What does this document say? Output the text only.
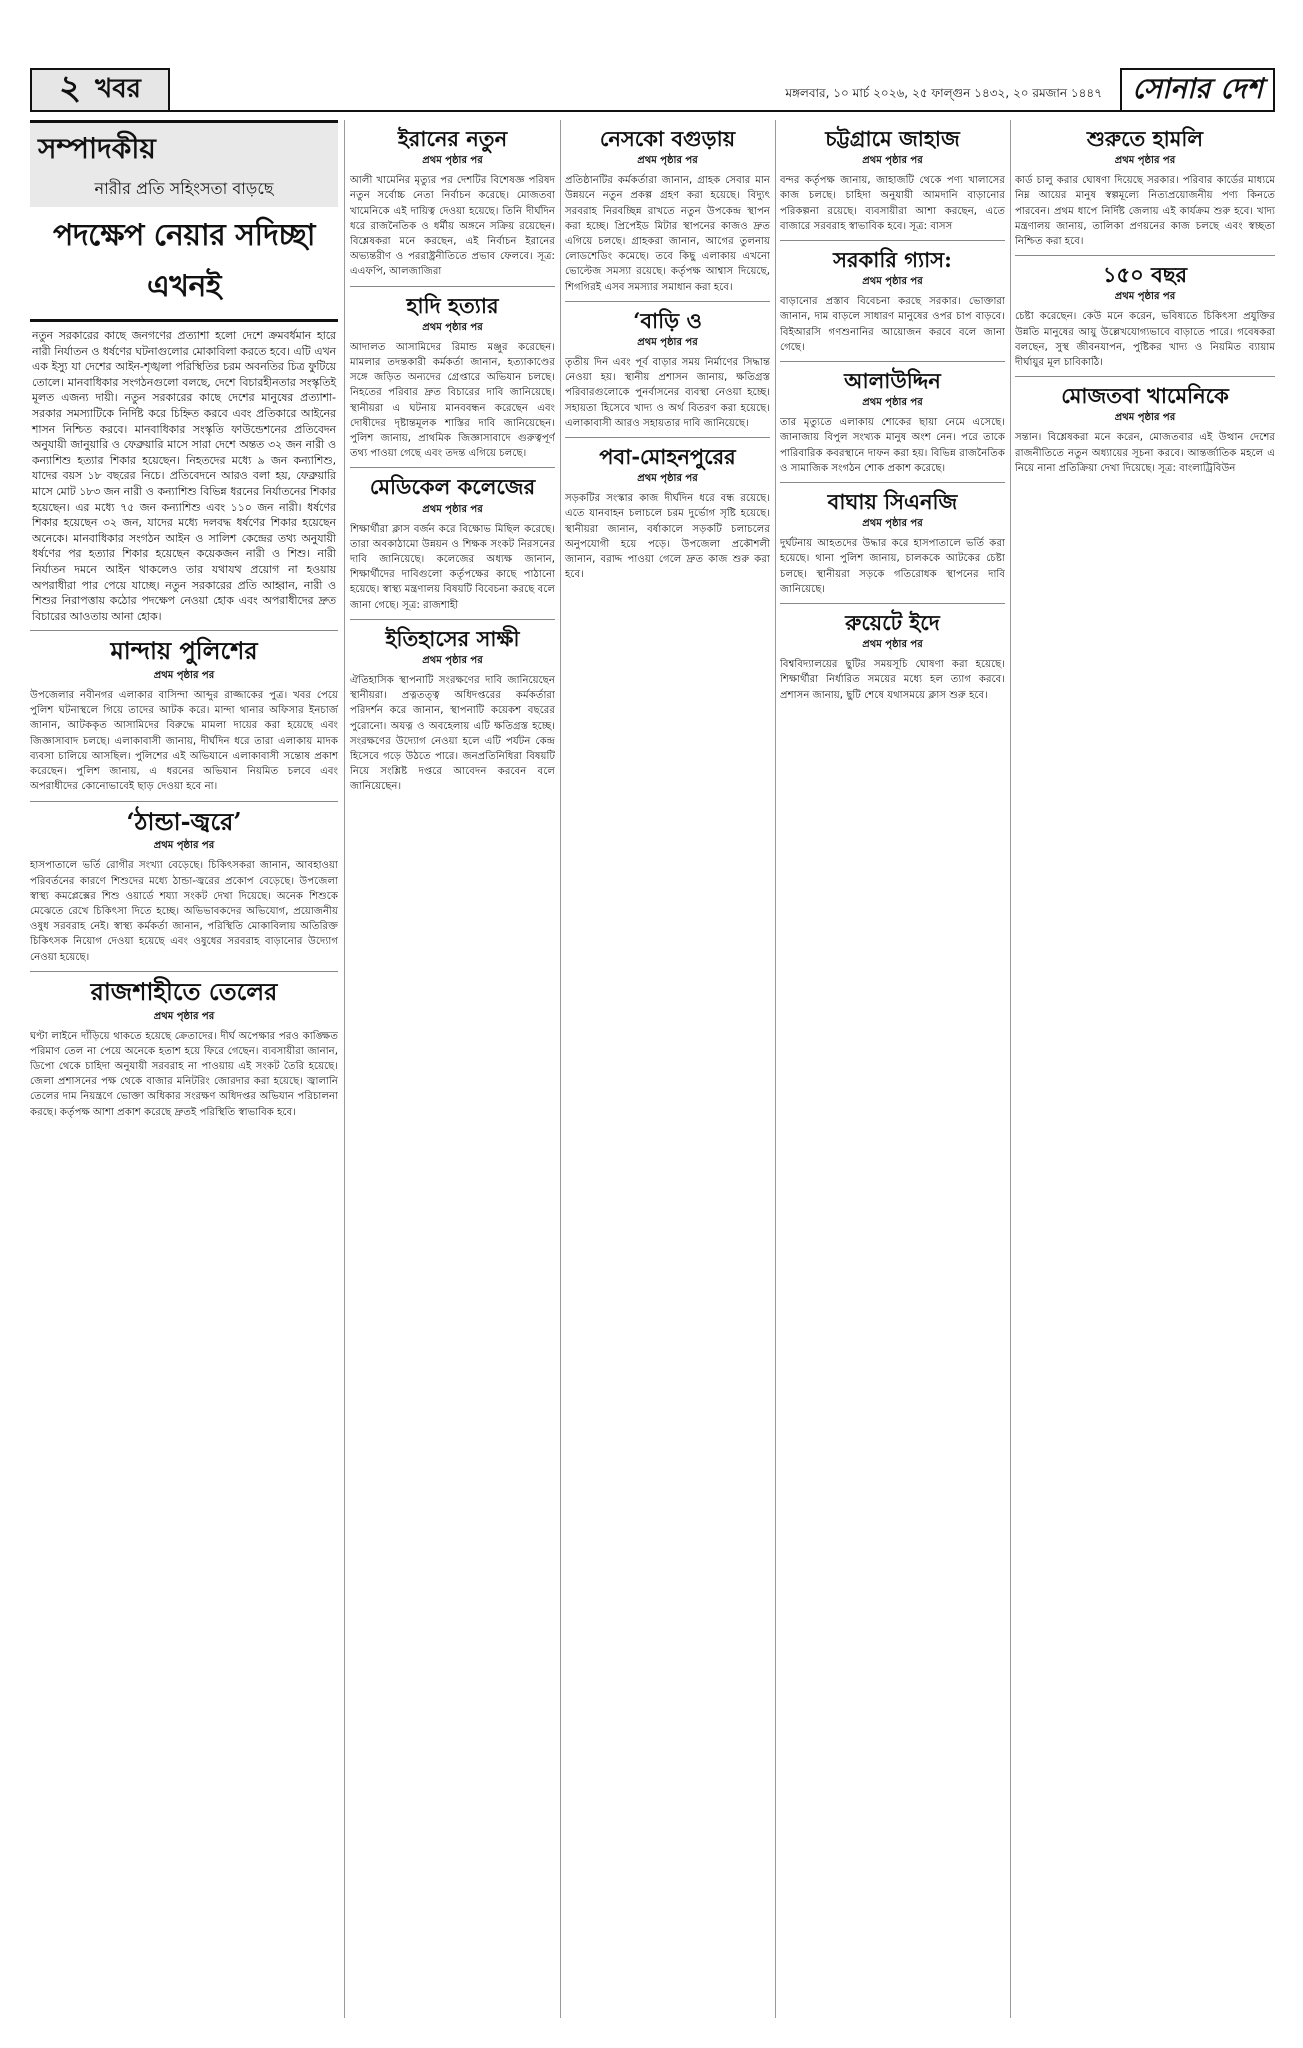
২ খবর	মঙ্গলবার, ১০ মার্চ ২০২৬, ২৫ ফাল্গুন ১৪৩২, ২০ রমজান ১৪৪৭	সোনার দেশ
সম্পাদকীয়
নারীর প্রতি সহিংসতা বাড়ছে
পদক্ষেপ নেয়ার সদিচ্ছা এখনই

নতুন সরকারের কাছে জনগণের প্রত্যাশা হলো দেশে ক্রমবর্ধমান হারে নারী নির্যাতন ও ধর্ষণের ঘটনাগুলোর মোকাবিলা করতে হবে। এটি এখন এক ইস্যু যা দেশের আইন-শৃঙ্খলা পরিস্থিতির চরম অবনতির চিত্র ফুটিয়ে তোলে। মানবাধিকার সংগঠনগুলো বলছে, দেশে বিচারহীনতার সংস্কৃতিই মূলত এজন্য দায়ী। নতুন সরকারের কাছে দেশের মানুষের প্রত্যাশা- সরকার সমস্যাটিকে নির্দিষ্ট করে চিহ্নিত করবে এবং প্রতিকারে আইনের শাসন নিশ্চিত করবে। মানবাধিকার সংস্কৃতি ফাউন্ডেশনের প্রতিবেদন অনুযায়ী জানুয়ারি ও ফেব্রুয়ারি মাসে সারা দেশে অন্তত ৩২ জন নারী ও কন্যাশিশু হত্যার শিকার হয়েছেন। নিহতদের মধ্যে ৯ জন কন্যাশিশু, যাদের বয়স ১৮ বছরের নিচে। প্রতিবেদনে আরও বলা হয়, ফেব্রুয়ারি মাসে মোট ১৮৩ জন নারী ও কন্যাশিশু বিভিন্ন ধরনের নির্যাতনের শিকার হয়েছেন। এর মধ্যে ৭৫ জন কন্যাশিশু এবং ১১০ জন নারী। ধর্ষণের শিকার হয়েছেন ৩২ জন, যাদের মধ্যে দলবদ্ধ ধর্ষণের শিকার হয়েছেন অনেকে। মানবাধিকার সংগঠন আইন ও সালিশ কেন্দ্রের তথ্য অনুযায়ী ধর্ষণের পর হত্যার শিকার হয়েছেন কয়েকজন নারী ও শিশু। নারী নির্যাতন দমনে আইন থাকলেও তার যথাযথ প্রয়োগ না হওয়ায় অপরাধীরা পার পেয়ে যাচ্ছে। নতুন সরকারের প্রতি আহ্বান, নারী ও শিশুর নিরাপত্তায় কঠোর পদক্ষেপ নেওয়া হোক এবং অপরাধীদের দ্রুত বিচারের আওতায় আনা হোক।

মান্দায় পুলিশের
প্রথম পৃষ্ঠার পর

উপজেলার নবীনগর এলাকার বাসিন্দা আব্দুর রাজ্জাকের পুত্র। খবর পেয়ে পুলিশ ঘটনাস্থলে গিয়ে তাদের আটক করে। মান্দা থানার অফিসার ইনচার্জ জানান, আটককৃত আসামিদের বিরুদ্ধে মামলা দায়ের করা হয়েছে এবং জিজ্ঞাসাবাদ চলছে। এলাকাবাসী জানায়, দীর্ঘদিন ধরে তারা এলাকায় মাদক ব্যবসা চালিয়ে আসছিল। পুলিশের এই অভিযানে এলাকাবাসী সন্তোষ প্রকাশ করেছেন। পুলিশ জানায়, এ ধরনের অভিযান নিয়মিত চলবে এবং অপরাধীদের কোনোভাবেই ছাড় দেওয়া হবে না।

‘ঠান্ডা-জ্বরে’
প্রথম পৃষ্ঠার পর

হাসপাতালে ভর্তি রোগীর সংখ্যা বেড়েছে। চিকিৎসকরা জানান, আবহাওয়া পরিবর্তনের কারণে শিশুদের মধ্যে ঠান্ডা-জ্বরের প্রকোপ বেড়েছে। উপজেলা স্বাস্থ্য কমপ্লেক্সের শিশু ওয়ার্ডে শয্যা সংকট দেখা দিয়েছে। অনেক শিশুকে মেঝেতে রেখে চিকিৎসা দিতে হচ্ছে। অভিভাবকদের অভিযোগ, প্রয়োজনীয় ওষুধ সরবরাহ নেই। স্বাস্থ্য কর্মকর্তা জানান, পরিস্থিতি মোকাবিলায় অতিরিক্ত চিকিৎসক নিয়োগ দেওয়া হয়েছে এবং ওষুধের সরবরাহ বাড়ানোর উদ্যোগ নেওয়া হয়েছে।

রাজশাহীতে তেলের
প্রথম পৃষ্ঠার পর

ঘণ্টা লাইনে দাঁড়িয়ে থাকতে হয়েছে ক্রেতাদের। দীর্ঘ অপেক্ষার পরও কাঙ্ক্ষিত পরিমাণ তেল না পেয়ে অনেকে হতাশ হয়ে ফিরে গেছেন। ব্যবসায়ীরা জানান, ডিপো থেকে চাহিদা অনুযায়ী সরবরাহ না পাওয়ায় এই সংকট তৈরি হয়েছে। জেলা প্রশাসনের পক্ষ থেকে বাজার মনিটরিং জোরদার করা হয়েছে। জ্বালানি তেলের দাম নিয়ন্ত্রণে ভোক্তা অধিকার সংরক্ষণ অধিদপ্তর অভিযান পরিচালনা করছে। কর্তৃপক্ষ আশা প্রকাশ করেছে দ্রুতই পরিস্থিতি স্বাভাবিক হবে।

ইরানের নতুন
প্রথম পৃষ্ঠার পর

আলী খামেনির মৃত্যুর পর দেশটির বিশেষজ্ঞ পরিষদ নতুন সর্বোচ্চ নেতা নির্বাচন করেছে। মোজতবা খামেনিকে এই দায়িত্ব দেওয়া হয়েছে। তিনি দীর্ঘদিন ধরে রাজনৈতিক ও ধর্মীয় অঙ্গনে সক্রিয় রয়েছেন। বিশ্লেষকরা মনে করছেন, এই নির্বাচন ইরানের অভ্যন্তরীণ ও পররাষ্ট্রনীতিতে প্রভাব ফেলবে। সূত্র: এএফপি, আলজাজিরা

হাদি হত্যার
প্রথম পৃষ্ঠার পর

আদালত আসামিদের রিমান্ড মঞ্জুর করেছেন। মামলার তদন্তকারী কর্মকর্তা জানান, হত্যাকাণ্ডের সঙ্গে জড়িত অন্যদের গ্রেপ্তারে অভিযান চলছে। নিহতের পরিবার দ্রুত বিচারের দাবি জানিয়েছে। স্থানীয়রা এ ঘটনায় মানববন্ধন করেছেন এবং দোষীদের দৃষ্টান্তমূলক শাস্তির দাবি জানিয়েছেন। পুলিশ জানায়, প্রাথমিক জিজ্ঞাসাবাদে গুরুত্বপূর্ণ তথ্য পাওয়া গেছে এবং তদন্ত এগিয়ে চলছে।

মেডিকেল কলেজের
প্রথম পৃষ্ঠার পর

শিক্ষার্থীরা ক্লাস বর্জন করে বিক্ষোভ মিছিল করেছে। তারা অবকাঠামো উন্নয়ন ও শিক্ষক সংকট নিরসনের দাবি জানিয়েছে। কলেজের অধ্যক্ষ জানান, শিক্ষার্থীদের দাবিগুলো কর্তৃপক্ষের কাছে পাঠানো হয়েছে। স্বাস্থ্য মন্ত্রণালয় বিষয়টি বিবেচনা করছে বলে জানা গেছে। সূত্র: রাজশাহী

ইতিহাসের সাক্ষী
প্রথম পৃষ্ঠার পর

ঐতিহাসিক স্থাপনাটি সংরক্ষণের দাবি জানিয়েছেন স্থানীয়রা। প্রত্নতত্ত্ব অধিদপ্তরের কর্মকর্তারা পরিদর্শন করে জানান, স্থাপনাটি কয়েকশ বছরের পুরোনো। অযত্ন ও অবহেলায় এটি ক্ষতিগ্রস্ত হচ্ছে। সংরক্ষণের উদ্যোগ নেওয়া হলে এটি পর্যটন কেন্দ্র হিসেবে গড়ে উঠতে পারে। জনপ্রতিনিধিরা বিষয়টি নিয়ে সংশ্লিষ্ট দপ্তরে আবেদন করবেন বলে জানিয়েছেন।

নেসকো বগুড়ায়
প্রথম পৃষ্ঠার পর

প্রতিষ্ঠানটির কর্মকর্তারা জানান, গ্রাহক সেবার মান উন্নয়নে নতুন প্রকল্প গ্রহণ করা হয়েছে। বিদ্যুৎ সরবরাহ নিরবচ্ছিন্ন রাখতে নতুন উপকেন্দ্র স্থাপন করা হচ্ছে। প্রিপেইড মিটার স্থাপনের কাজও দ্রুত এগিয়ে চলছে। গ্রাহকরা জানান, আগের তুলনায় লোডশেডিং কমেছে। তবে কিছু এলাকায় এখনো ভোল্টেজ সমস্যা রয়েছে। কর্তৃপক্ষ আশ্বাস দিয়েছে, শিগগিরই এসব সমস্যার সমাধান করা হবে।

‘বাড়ি ও
প্রথম পৃষ্ঠার পর

তৃতীয় দিন এবং পূর্ব বাড়ার সময় নির্মাণের সিদ্ধান্ত নেওয়া হয়। স্থানীয় প্রশাসন জানায়, ক্ষতিগ্রস্ত পরিবারগুলোকে পুনর্বাসনের ব্যবস্থা নেওয়া হচ্ছে। সহায়তা হিসেবে খাদ্য ও অর্থ বিতরণ করা হয়েছে। এলাকাবাসী আরও সহায়তার দাবি জানিয়েছে।

পবা-মোহনপুরের
প্রথম পৃষ্ঠার পর

সড়কটির সংস্কার কাজ দীর্ঘদিন ধরে বন্ধ রয়েছে। এতে যানবাহন চলাচলে চরম দুর্ভোগ সৃষ্টি হয়েছে। স্থানীয়রা জানান, বর্ষাকালে সড়কটি চলাচলের অনুপযোগী হয়ে পড়ে। উপজেলা প্রকৌশলী জানান, বরাদ্দ পাওয়া গেলে দ্রুত কাজ শুরু করা হবে।

চট্টগ্রামে জাহাজ
প্রথম পৃষ্ঠার পর

বন্দর কর্তৃপক্ষ জানায়, জাহাজটি থেকে পণ্য খালাসের কাজ চলছে। চাহিদা অনুযায়ী আমদানি বাড়ানোর পরিকল্পনা রয়েছে। ব্যবসায়ীরা আশা করছেন, এতে বাজারে সরবরাহ স্বাভাবিক হবে। সূত্র: বাসস

সরকারি গ্যাস:
প্রথম পৃষ্ঠার পর

বাড়ানোর প্রস্তাব বিবেচনা করছে সরকার। ভোক্তারা জানান, দাম বাড়লে সাধারণ মানুষের ওপর চাপ বাড়বে। বিইআরসি গণশুনানির আয়োজন করবে বলে জানা গেছে।

আলাউদ্দিন
প্রথম পৃষ্ঠার পর

তার মৃত্যুতে এলাকায় শোকের ছায়া নেমে এসেছে। জানাজায় বিপুল সংখ্যক মানুষ অংশ নেন। পরে তাকে পারিবারিক কবরস্থানে দাফন করা হয়। বিভিন্ন রাজনৈতিক ও সামাজিক সংগঠন শোক প্রকাশ করেছে।

বাঘায় সিএনজি
প্রথম পৃষ্ঠার পর

দুর্ঘটনায় আহতদের উদ্ধার করে হাসপাতালে ভর্তি করা হয়েছে। থানা পুলিশ জানায়, চালককে আটকের চেষ্টা চলছে। স্থানীয়রা সড়কে গতিরোধক স্থাপনের দাবি জানিয়েছে।

রুয়েটে ইদে
প্রথম পৃষ্ঠার পর

বিশ্ববিদ্যালয়ের ছুটির সময়সূচি ঘোষণা করা হয়েছে। শিক্ষার্থীরা নির্ধারিত সময়ের মধ্যে হল ত্যাগ করবে। প্রশাসন জানায়, ছুটি শেষে যথাসময়ে ক্লাস শুরু হবে।

শুরুতে হামলি
প্রথম পৃষ্ঠার পর

কার্ড চালু করার ঘোষণা দিয়েছে সরকার। পরিবার কার্ডের মাধ্যমে নিম্ন আয়ের মানুষ স্বল্পমূল্যে নিত্যপ্রয়োজনীয় পণ্য কিনতে পারবেন। প্রথম ধাপে নির্দিষ্ট জেলায় এই কার্যক্রম শুরু হবে। খাদ্য মন্ত্রণালয় জানায়, তালিকা প্রণয়নের কাজ চলছে এবং স্বচ্ছতা নিশ্চিত করা হবে।

১৫০ বছর
প্রথম পৃষ্ঠার পর

চেষ্টা করেছেন। কেউ মনে করেন, ভবিষ্যতে চিকিৎসা প্রযুক্তির উন্নতি মানুষের আয়ু উল্লেখযোগ্যভাবে বাড়াতে পারে। গবেষকরা বলছেন, সুস্থ জীবনযাপন, পুষ্টিকর খাদ্য ও নিয়মিত ব্যায়াম দীর্ঘায়ুর মূল চাবিকাঠি।

মোজতবা খামেনিকে
প্রথম পৃষ্ঠার পর

সন্তান। বিশ্লেষকরা মনে করেন, মোজতবার এই উত্থান দেশের রাজনীতিতে নতুন অধ্যায়ের সূচনা করবে। আন্তর্জাতিক মহলে এ নিয়ে নানা প্রতিক্রিয়া দেখা দিয়েছে। সূত্র: বাংলাট্রিবিউন
